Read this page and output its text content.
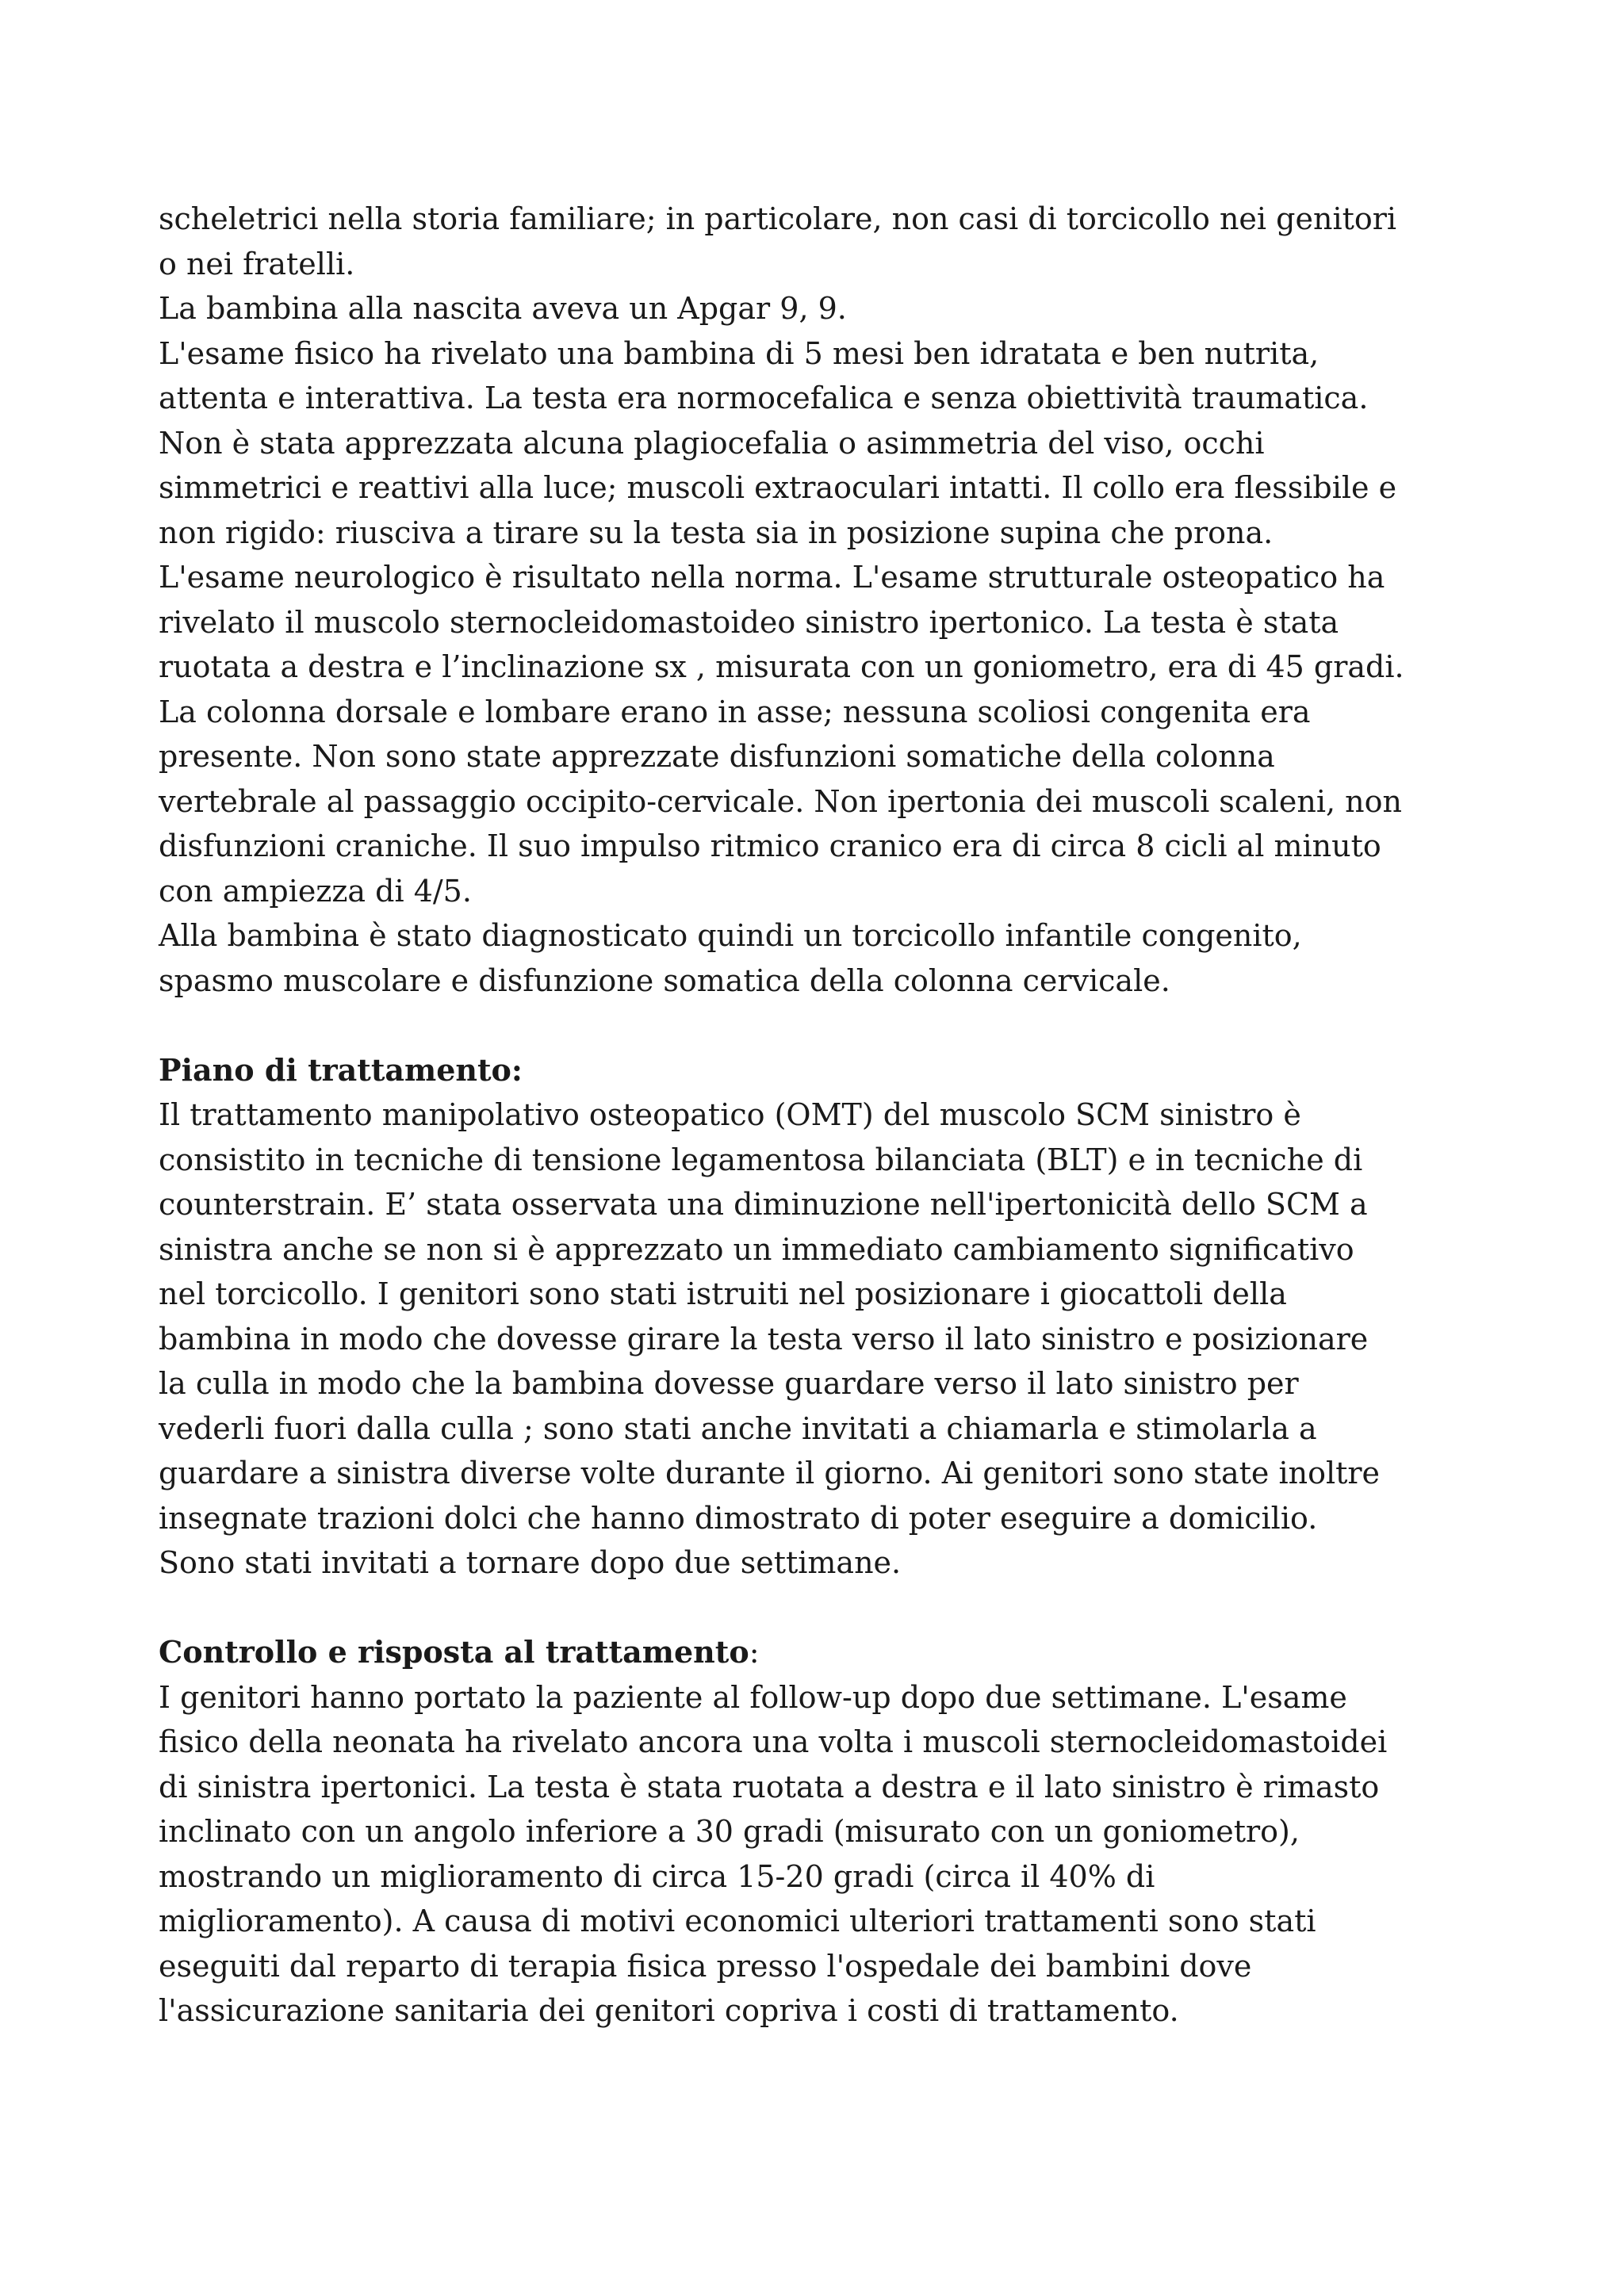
scheletrici nella storia familiare; in particolare, non casi di torcicollo nei genitori

o nei fratelli.

La bambina alla nascita aveva un Apgar 9, 9.

L'esame fisico ha rivelato una bambina di 5 mesi ben idratata e ben nutrita,

attenta e interattiva. La testa era normocefalica e senza obiettività traumatica.

Non è stata apprezzata alcuna plagiocefalia o asimmetria del viso, occhi

simmetrici e reattivi alla luce; muscoli extraoculari intatti. Il collo era flessibile e

non rigido: riusciva a tirare su la testa sia in posizione supina che prona.

L'esame neurologico è risultato nella norma. L'esame strutturale osteopatico ha

rivelato il muscolo sternocleidomastoideo sinistro ipertonico. La testa è stata

ruotata a destra e l’inclinazione sx , misurata con un goniometro, era di 45 gradi.

La colonna dorsale e lombare erano in asse; nessuna scoliosi congenita era

presente. Non sono state apprezzate disfunzioni somatiche della colonna

vertebrale al passaggio occipito-cervicale. Non ipertonia dei muscoli scaleni, non

disfunzioni craniche. Il suo impulso ritmico cranico era di circa 8 cicli al minuto

con ampiezza di 4/5.

Alla bambina è stato diagnosticato quindi un torcicollo infantile congenito,

spasmo muscolare e disfunzione somatica della colonna cervicale.

Piano di trattamento:

Il trattamento manipolativo osteopatico (OMT) del muscolo SCM sinistro è

consistito in tecniche di tensione legamentosa bilanciata (BLT) e in tecniche di

counterstrain. E’ stata osservata una diminuzione nell'ipertonicità dello SCM a

sinistra anche se non si è apprezzato un immediato cambiamento significativo

nel torcicollo. I genitori sono stati istruiti nel posizionare i giocattoli della

bambina in modo che dovesse girare la testa verso il lato sinistro e posizionare

la culla in modo che la bambina dovesse guardare verso il lato sinistro per

vederli fuori dalla culla ; sono stati anche invitati a chiamarla e stimolarla a

guardare a sinistra diverse volte durante il giorno. Ai genitori sono state inoltre

insegnate trazioni dolci che hanno dimostrato di poter eseguire a domicilio.

Sono stati invitati a tornare dopo due settimane.

Controllo e risposta al trattamento:

I genitori hanno portato la paziente al follow-up dopo due settimane. L'esame

fisico della neonata ha rivelato ancora una volta i muscoli sternocleidomastoidei

di sinistra ipertonici. La testa è stata ruotata a destra e il lato sinistro è rimasto

inclinato con un angolo inferiore a 30 gradi (misurato con un goniometro),

mostrando un miglioramento di circa 15-20 gradi (circa il 40% di

miglioramento). A causa di motivi economici ulteriori trattamenti sono stati

eseguiti dal reparto di terapia fisica presso l'ospedale dei bambini dove

l'assicurazione sanitaria dei genitori copriva i costi di trattamento.
